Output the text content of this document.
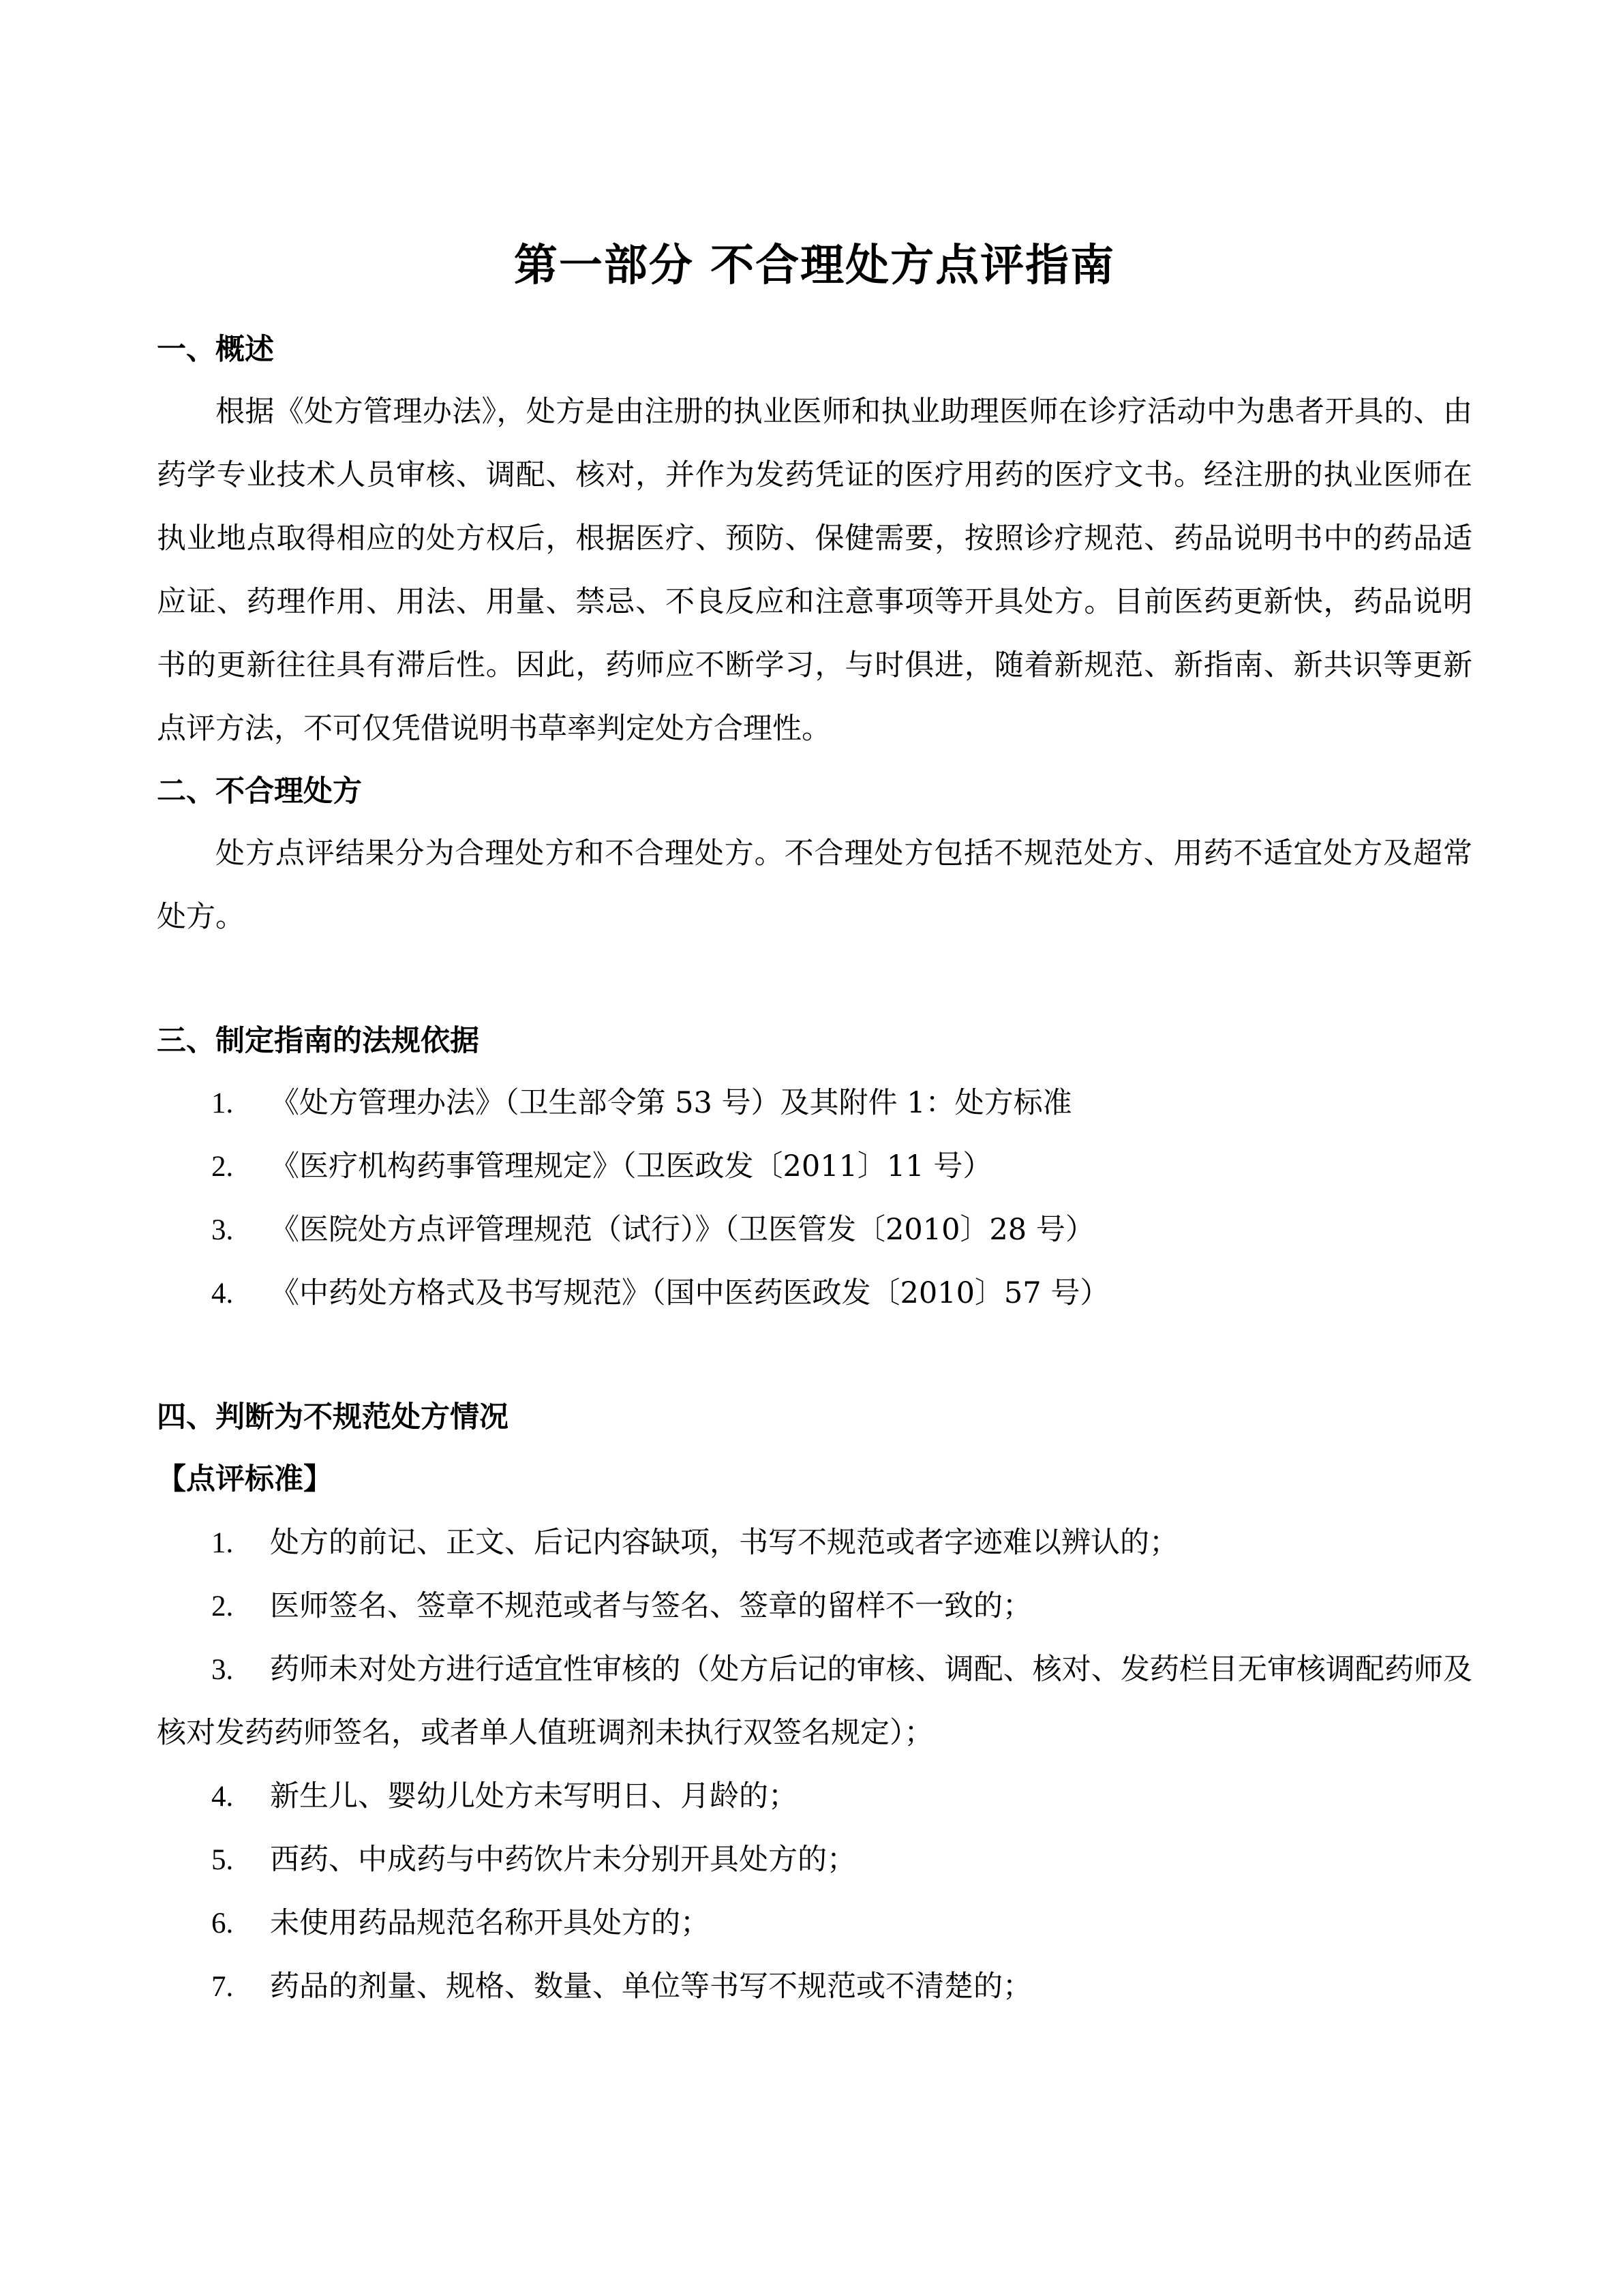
第一部分 不合理处方点评指南
一、概述

根据《处方管理办法》，处方是由注册的执业医师和执业助理医师在诊疗活动中为患者开具的、由药学专业技术人员审核、调配、核对，并作为发药凭证的医疗用药的医疗文书。经注册的执业医师在执业地点取得相应的处方权后，根据医疗、预防、保健需要，按照诊疗规范、药品说明书中的药品适应证、药理作用、用法、用量、禁忌、不良反应和注意事项等开具处方。目前医药更新快，药品说明书的更新往往具有滞后性。因此，药师应不断学习，与时俱进，随着新规范、新指南、新共识等更新点评方法，不可仅凭借说明书草率判定处方合理性。

二、不合理处方

处方点评结果分为合理处方和不合理处方。不合理处方包括不规范处方、用药不适宜处方及超常处方。

三、制定指南的法规依据
1. 《处方管理办法》（卫生部令第 53 号）及其附件 1：处方标准
2. 《医疗机构药事管理规定》（卫医政发〔2011〕11 号）
3. 《医院处方点评管理规范（试行）》（卫医管发〔2010〕28 号）
4. 《中药处方格式及书写规范》（国中医药医政发〔2010〕57 号）
四、判断为不规范处方情况
【点评标准】
1. 处方的前记、正文、后记内容缺项，书写不规范或者字迹难以辨认的；
2. 医师签名、签章不规范或者与签名、签章的留样不一致的；
3. 药师未对处方进行适宜性审核的（处方后记的审核、调配、核对、发药栏目无审核调配药师及核对发药药师签名，或者单人值班调剂未执行双签名规定）；
4. 新生儿、婴幼儿处方未写明日、月龄的；
5. 西药、中成药与中药饮片未分别开具处方的；
6. 未使用药品规范名称开具处方的；
7. 药品的剂量、规格、数量、单位等书写不规范或不清楚的；
